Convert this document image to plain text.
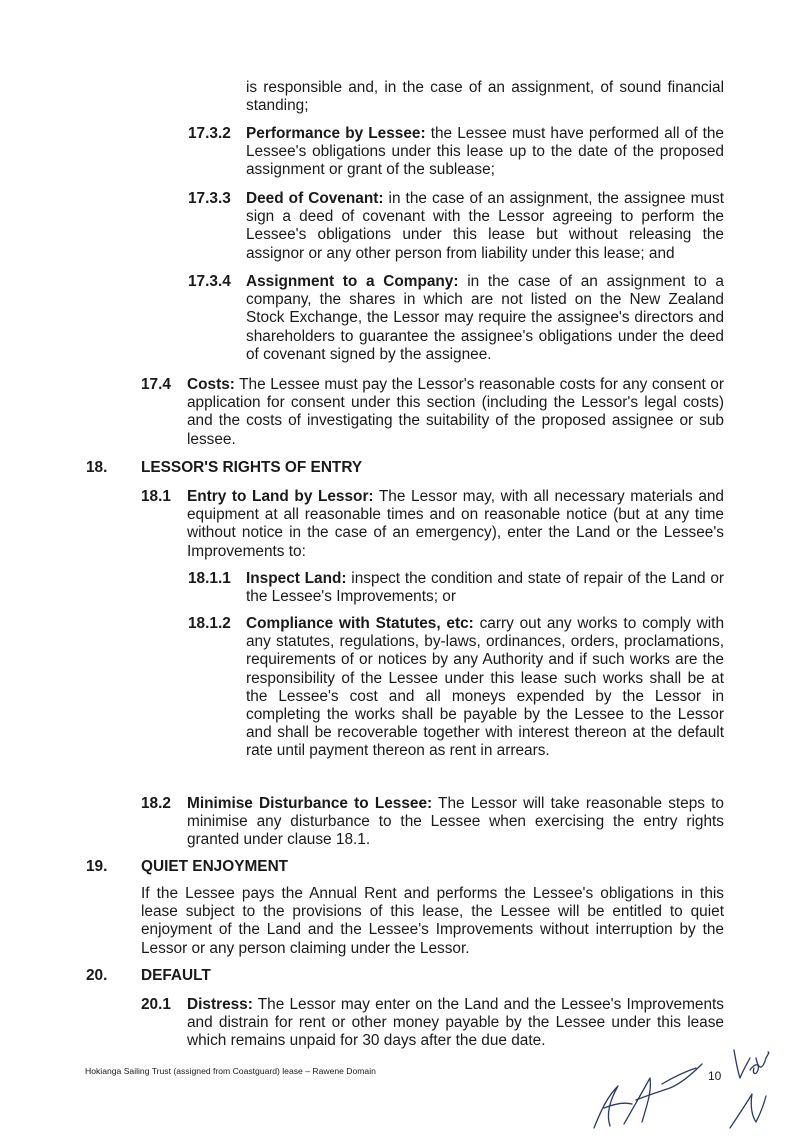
is responsible and, in the case of an assignment, of sound financial standing;
17.3.2 Performance by Lessee: the Lessee must have performed all of the Lessee's obligations under this lease up to the date of the proposed assignment or grant of the sublease;
17.3.3 Deed of Covenant: in the case of an assignment, the assignee must sign a deed of covenant with the Lessor agreeing to perform the Lessee's obligations under this lease but without releasing the assignor or any other person from liability under this lease; and
17.3.4 Assignment to a Company: in the case of an assignment to a company, the shares in which are not listed on the New Zealand Stock Exchange, the Lessor may require the assignee's directors and shareholders to guarantee the assignee's obligations under the deed of covenant signed by the assignee.
17.4 Costs: The Lessee must pay the Lessor's reasonable costs for any consent or application for consent under this section (including the Lessor's legal costs) and the costs of investigating the suitability of the proposed assignee or sub lessee.
18. LESSOR'S RIGHTS OF ENTRY
18.1 Entry to Land by Lessor: The Lessor may, with all necessary materials and equipment at all reasonable times and on reasonable notice (but at any time without notice in the case of an emergency), enter the Land or the Lessee's Improvements to:
18.1.1 Inspect Land: inspect the condition and state of repair of the Land or the Lessee's Improvements; or
18.1.2 Compliance with Statutes, etc: carry out any works to comply with any statutes, regulations, by-laws, ordinances, orders, proclamations, requirements of or notices by any Authority and if such works are the responsibility of the Lessee under this lease such works shall be at the Lessee's cost and all moneys expended by the Lessor in completing the works shall be payable by the Lessee to the Lessor and shall be recoverable together with interest thereon at the default rate until payment thereon as rent in arrears.
18.2 Minimise Disturbance to Lessee: The Lessor will take reasonable steps to minimise any disturbance to the Lessee when exercising the entry rights granted under clause 18.1.
19. QUIET ENJOYMENT
If the Lessee pays the Annual Rent and performs the Lessee's obligations in this lease subject to the provisions of this lease, the Lessee will be entitled to quiet enjoyment of the Land and the Lessee's Improvements without interruption by the Lessor or any person claiming under the Lessor.
20. DEFAULT
20.1 Distress: The Lessor may enter on the Land and the Lessee's Improvements and distrain for rent or other money payable by the Lessee under this lease which remains unpaid for 30 days after the due date.
Hokianga Sailing Trust (assigned from Coastguard) lease – Rawene Domain	10
